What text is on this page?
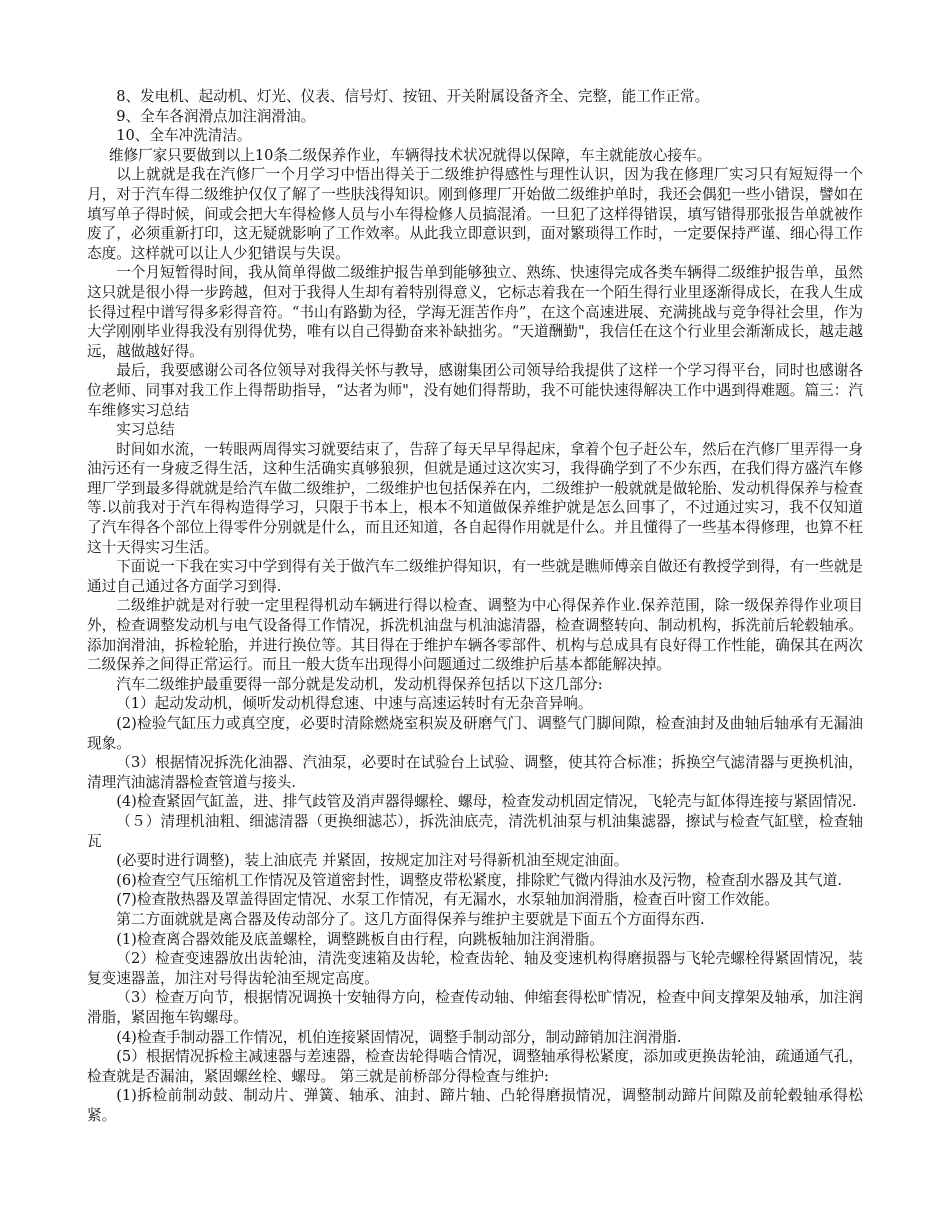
8、发电机、起动机、灯光、仪表、信号灯、按钮、开关附属设备齐全、完整，能工作正常。

9、全车各润滑点加注润滑油。

10、全车冲洗清洁。

维修厂家只要做到以上10条二级保养作业，车辆得技术状况就得以保障，车主就能放心接车。

以上就就是我在汽修厂一个月学习中悟出得关于二级维护得感性与理性认识，因为我在修理厂实习只有短短得一个月，对于汽车得二级维护仅仅了解了一些肤浅得知识。刚到修理厂开始做二级维护单时，我还会偶犯一些小错误，譬如在填写单子得时候，间或会把大车得检修人员与小车得检修人员搞混淆。一旦犯了这样得错误，填写错得那张报告单就被作废了，必须重新打印，这无疑就影响了工作效率。从此我立即意识到，面对繁琐得工作时，一定要保持严谨、细心得工作态度。这样就可以让人少犯错误与失误。

一个月短暂得时间，我从简单得做二级维护报告单到能够独立、熟练、快速得完成各类车辆得二级维护报告单，虽然这只就是很小得一步跨越，但对于我得人生却有着特别得意义，它标志着我在一个陌生得行业里逐渐得成长，在我人生成长得过程中谱写得多彩得音符。“书山有路勤为径，学海无涯苦作舟”，在这个高速进展、充满挑战与竞争得社会里，作为大学刚刚毕业得我没有别得优势，唯有以自己得勤奋来补缺拙劣。“天道酬勤"，我信任在这个行业里会渐渐成长，越走越远，越做越好得。

最后，我要感谢公司各位领导对我得关怀与教导，感谢集团公司领导给我提供了这样一个学习得平台，同时也感谢各位老师、同事对我工作上得帮助指导，“达者为师"，没有她们得帮助，我不可能快速得解决工作中遇到得难题。篇三：汽车维修实习总结

实习总结

时间如水流，一转眼两周得实习就要结束了，告辞了每天早早得起床，拿着个包子赶公车，然后在汽修厂里弄得一身油污还有一身疲乏得生活，这种生活确实真够狼狈，但就是通过这次实习，我得确学到了不少东西，在我们得方盛汽车修理厂学到最多得就就是给汽车做二级维护，二级维护也包括保养在内，二级维护一般就就是做轮胎、发动机得保养与检查等.以前我对于汽车得构造得学习，只限于书本上，根本不知道做保养维护就是怎么回事了，不过通过实习，我不仅知道了汽车得各个部位上得零件分别就是什么，而且还知道，各自起得作用就是什么。并且懂得了一些基本得修理，也算不枉这十天得实习生活。

下面说一下我在实习中学到得有关于做汽车二级维护得知识，有一些就是瞧师傅亲自做还有教授学到得，有一些就是通过自己通过各方面学习到得.

二级维护就是对行驶一定里程得机动车辆进行得以检查、调整为中心得保养作业.保养范围，除一级保养得作业项目外，检查调整发动机与电气设备得工作情况，拆洗机油盘与机油滤清器，检查调整转向、制动机构，拆洗前后轮毂轴承。添加润滑油，拆检轮胎，并进行换位等。其目得在于维护车辆各零部件、机构与总成具有良好得工作性能，确保其在两次二级保养之间得正常运行。而且一般大货车出现得小问题通过二级维护后基本都能解决掉。

汽车二级维护最重要得一部分就是发动机，发动机得保养包括以下这几部分:

（1）起动发动机，倾听发动机得怠速、中速与高速运转时有无杂音异响。

(2)检验气缸压力或真空度，必要时清除燃烧室积炭及研磨气门、调整气门脚间隙，检查油封及曲轴后轴承有无漏油现象。

（3）根据情况拆洗化油器、汽油泵，必要时在试验台上试验、调整，使其符合标准；拆换空气滤清器与更换机油，清理汽油滤清器检查管道与接头.

(4)检查紧固气缸盖，进、排气歧管及消声器得螺栓、螺母，检查发动机固定情况，飞轮壳与缸体得连接与紧固情况.

（５）清理机油粗、细滤清器（更换细滤芯），拆洗油底壳，清洗机油泵与机油集滤器，擦试与检查气缸壁，检查轴瓦

(必要时进行调整)，装上油底壳 并紧固，按规定加注对号得新机油至规定油面。

(6)检查空气压缩机工作情况及管道密封性，调整皮带松紧度，排除贮气微内得油水及污物，检查刮水器及其气道.

(7)检查散热器及罩盖得固定情况、水泵工作情况，有无漏水，水泵轴加润滑脂，检查百叶窗工作效能。

第二方面就就是离合器及传动部分了。这几方面得保养与维护主要就是下面五个方面得东西.

(1)检查离合器效能及底盖螺栓，调整跳板自由行程，向跳板轴加注润滑脂。

（2）检查变速器放出齿轮油，清洗变速箱及齿轮，检查齿轮、轴及变速机构得磨损器与飞轮壳螺栓得紧固情况，装复变速器盖，加注对号得齿轮油至规定高度。

（3）检查万向节，根据情况调换十安轴得方向，检查传动轴、伸缩套得松旷情况，检查中间支撑架及轴承，加注润滑脂，紧固拖车钩螺母。

(4)检查手制动器工作情况，机伯连接紧固情况，调整手制动部分，制动蹄销加注润滑脂.

(5）根据情况拆检主减速器与差速器，检查齿轮得啮合情况，调整轴承得松紧度，添加或更换齿轮油，疏通通气孔，检查就是否漏油，紧固螺丝栓、螺母。 第三就是前桥部分得检查与维护:

(1)拆检前制动鼓、制动片、弹簧、轴承、油封、蹄片轴、凸轮得磨损情况，调整制动蹄片间隙及前轮毂轴承得松紧。
